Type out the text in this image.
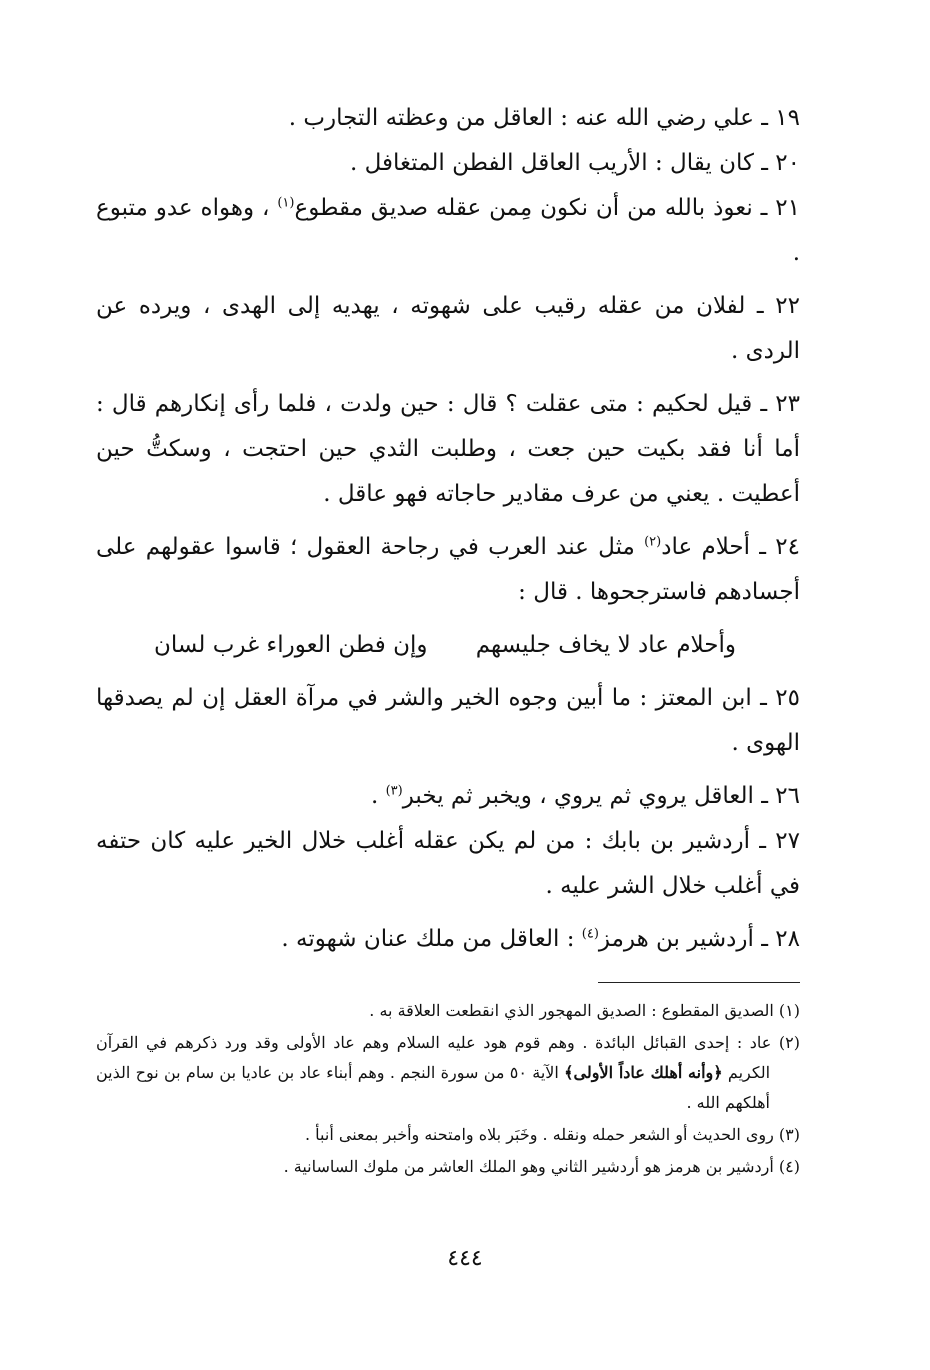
١٩ ـ علي رضي الله عنه : العاقل من وعظته التجارب .

٢٠ ـ كان يقال : الأريب العاقل الفطن المتغافل .

٢١ ـ نعوذ بالله من أن نكون مِمن عقله صديق مقطوع$^{(١)}$ ، وهواه عدو متبوع .

٢٢ ـ لفلان من عقله رقيب على شهوته ، يهديه إلى الهدى ، ويرده عن الردى .

٢٣ ـ قيل لحكيم : متى عقلت ؟ قال : حين ولدت ، فلما رأى إنكارهم قال : أما أنا فقد بكيت حين جعت ، وطلبت الثدي حين احتجت ، وسكتُّ حين أعطيت . يعني من عرف مقادير حاجاته فهو عاقل .

٢٤ ـ أحلام عاد$^{(٢)}$ مثل عند العرب في رجاحة العقول ؛ قاسوا عقولهم على أجسادهم فاسترجحوها . قال :

وأحلام عاد لا يخاف جليسهم
وإن فطن العوراء غرب لسان

٢٥ ـ ابن المعتز : ما أبين وجوه الخير والشر في مرآة العقل إن لم يصدقها الهوى .

٢٦ ـ العاقل يروي ثم يروي ، ويخبر ثم يخبر$^{(٣)}$ .

٢٧ ـ أردشير بن بابك : من لم يكن عقله أغلب خلال الخير عليه كان حتفه في أغلب خلال الشر عليه .

٢٨ ـ أردشير بن هرمز$^{(٤)}$ : العاقل من ملك عنان شهوته .

(١) الصديق المقطوع : الصديق المهجور الذي انقطعت العلاقة به .

(٢) عاد : إحدى القبائل البائدة . وهم قوم هود عليه السلام وهم عاد الأولى وقد ورد ذكرهم في القرآن الكريم ﴿وأنه أهلك عاداً الأولى﴾ الآية ٥٠ من سورة النجم . وهم أبناء عاد بن عاديا بن سام بن نوح الذين أهلكهم الله .

(٣) روى الحديث أو الشعر حمله ونقله . وخَبَر بلاه وامتحنه وأخبر بمعنى أنبأ .

(٤) أردشير بن هرمز هو أردشير الثاني وهو الملك العاشر من ملوك الساسانية .

٤٤٤
